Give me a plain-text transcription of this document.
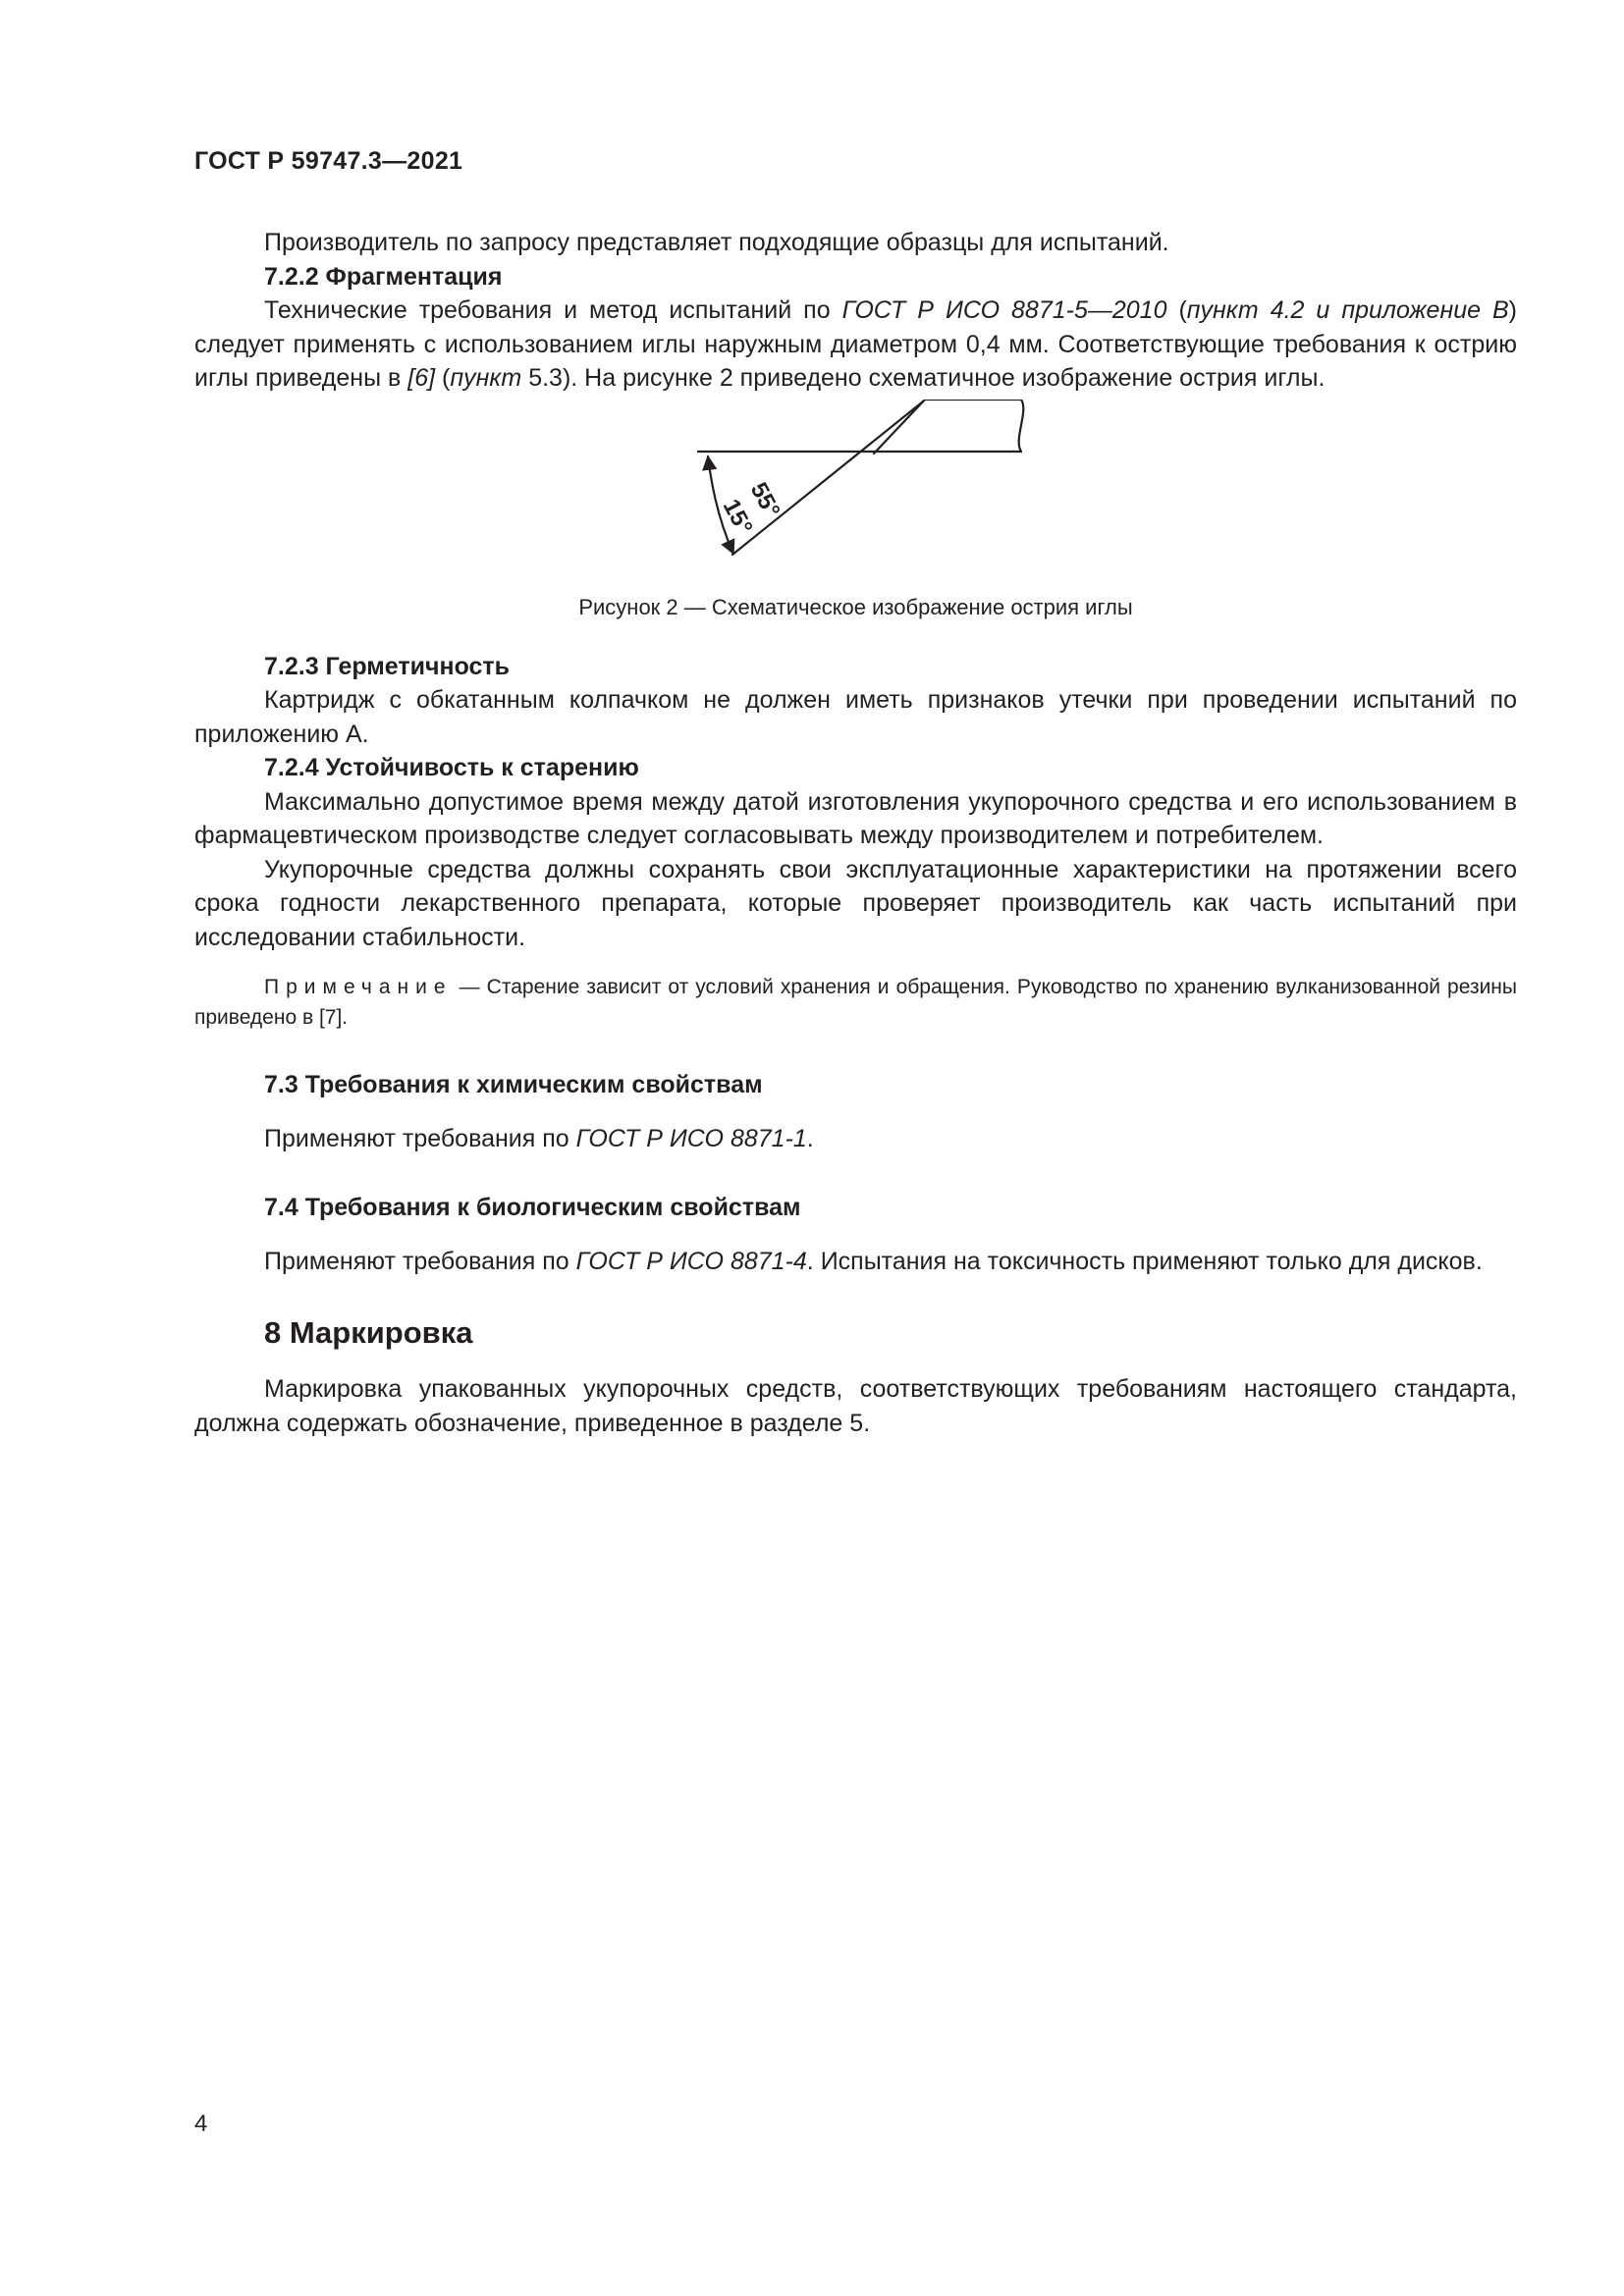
ГОСТ Р 59747.3—2021

Производитель по запросу представляет подходящие образцы для испытаний.

7.2.2 Фрагментация

Технические требования и метод испытаний по ГОСТ Р ИСО 8871-5—2010 (пункт 4.2 и приложение В) следует применять с использованием иглы наружным диаметром 0,4 мм. Соответствующие требования к острию иглы приведены в [6] (пункт 5.3). На рисунке 2 приведено схематичное изображение острия иглы.

55°
15°

Рисунок 2 — Схематическое изображение острия иглы

7.2.3 Герметичность

Картридж с обкатанным колпачком не должен иметь признаков утечки при проведении испытаний по приложению А.

7.2.4 Устойчивость к старению

Максимально допустимое время между датой изготовления укупорочного средства и его использованием в фармацевтическом производстве следует согласовывать между производителем и потребителем.

Укупорочные средства должны сохранять свои эксплуатационные характеристики на протяжении всего срока годности лекарственного препарата, которые проверяет производитель как часть испытаний при исследовании стабильности.

Примечание — Старение зависит от условий хранения и обращения. Руководство по хранению вулканизованной резины приведено в [7].

7.3 Требования к химическим свойствам

Применяют требования по ГОСТ Р ИСО 8871-1.

7.4 Требования к биологическим свойствам

Применяют требования по ГОСТ Р ИСО 8871-4. Испытания на токсичность применяют только для дисков.

8 Маркировка

Маркировка упакованных укупорочных средств, соответствующих требованиям настоящего стандарта, должна содержать обозначение, приведенное в разделе 5.

4
